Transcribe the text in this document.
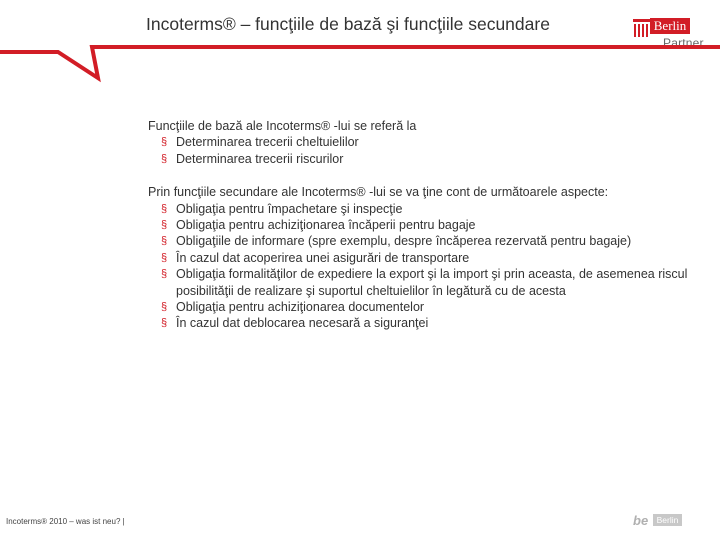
Incoterms® – funcţiile de bază şi funcţiile secundare	Berlin
Partner

Funcţiile de bază ale Incoterms® -lui se referă la

§ Determinarea trecerii cheltuielilor
§ Determinarea trecerii riscurilor

Prin funcţiile secundare ale Incoterms® -lui se va ţine cont de următoarele aspecte:

§ Obligaţia pentru împachetare şi inspecţie
§ Obligaţia pentru achiziţionarea încăperii pentru bagaje
§ Obligaţiile de informare (spre exemplu, despre încăperea rezervată pentru bagaje)
§ În cazul dat acoperirea unei asigurări de transportare
§ Obligaţia formalităţilor de expediere la export şi la import şi prin aceasta, de asemenea riscul posibilităţii de realizare şi suportul cheltuielilor în legătură cu de acesta
§ Obligaţia pentru achiziţionarea documentelor
§ În cazul dat deblocarea necesară a siguranţei
Incoterms® 2010 – was ist neu? |	be Berlin
